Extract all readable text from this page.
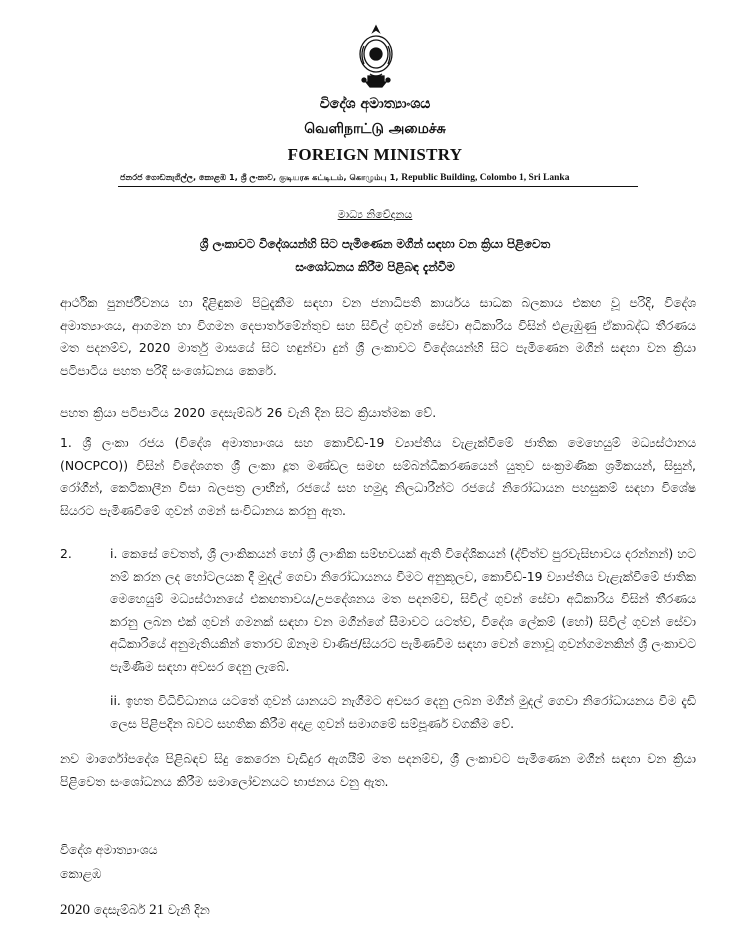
විදේශ අමාත්‍යාංශය
வெளிநாட்டு அமைச்சு
FOREIGN MINISTRY
ජනරජ ගොඩනැගිල්ල, කොළඹ 1, ශ්‍රී ලංකාව, குடியரசு கட்டிடம், கொழும்பு 1, Republic Building, Colombo 1, Sri Lanka
මාධ්‍ය නිවේදනය
ශ්‍රී ලංකාවට විදේශයන්හි සිට පැමිණෙන මගීන් සඳහා වන ක්‍රියා පිළිවෙත
සංශෝධනය කිරීම පිළිබඳ දැන්වීම
ආර්ථික පුනර්ජීවනය හා දිළිඳුකම පිටුදැකීම සඳහා වන ජනාධිපති කාර්යය සාධක බලකාය එකඟ වූ පරිදි, විදේශ අමාත්‍යාංශය, ආගමන හා විගමන දෙපාර්තමේන්තුව සහ සිවිල් ගුවන් සේවා අධිකාරිය විසින් එළැඹුණු ඒකාබද්ධ තීරණය මත පදනම්ව, 2020 මාර්තු මාසයේ සිට හඳුන්වා දුන් ශ්‍රී ලංකාවට විදේශයන්හි සිට පැමිණෙන මගීන් සඳහා වන ක්‍රියා පටිපාටිය පහත පරිදි සංශෝධනය කෙරේ.
පහත ක්‍රියා පටිපාටිය 2020 දෙසැම්බර් 26 වැනි දින සිට ක්‍රියාත්මක වේ.
1. ශ්‍රී ලංකා රජය (විදේශ අමාත්‍යාංශය සහ කොවිඩ්-19 ව්‍යාප්තිය වැළැක්වීමේ ජාතික මෙහෙයුම් මධ්‍යස්ථානය (NOCPCO)) විසින් විදේශගත ශ්‍රී ලංකා දූත මණ්ඩල සමඟ සම්බන්ධීකරණයෙන් යුතුව සංක්‍රමණික ශ්‍රමිකයන්, සිසුන්, රෝගීන්, කෙටිකාලීන වීසා බලපත්‍ර ලාභීන්, රජයේ සහ හමුදා නිලධාරීන්ට රජයේ නිරෝධායන පහසුකම් සඳහා විශේෂ සියරට පැමිණවීමේ ගුවන් ගමන් සංවිධානය කරනු ඇත.
2.	i. කෙසේ වෙතත්, ශ්‍රී ලාංකිකයන් හෝ ශ්‍රී ලාංකික සම්භවයක් ඇති විදේශිකයන් (ද්විත්ව පුරවැසිභාවය දරන්නන්) හට නම් කරන ලද හෝටලයක දී මුදල් ගෙවා නිරෝධායනය වීමට අනුකූලව, කොවිඩ්-19 ව්‍යාප්තිය වැළැක්වීමේ ජාතික මෙහෙයුම් මධ්‍යස්ථානයේ එකඟතාවය/උපදේශනය මත පදනම්ව, සිවිල් ගුවන් සේවා අධිකාරිය විසින් තීරණය කරනු ලබන එක් ගුවන් ගමනක් සඳහා වන මගීන්ගේ සීමාවට යටත්ව, විදේශ ලේකම් (හෝ) සිවිල් ගුවන් සේවා අධිකාරියේ අනුමැතියකින් තොරව ඕනෑම වාණිජ/සියරට පැමිණවීම සඳහා වෙන් නොවූ ගුවන්ගමනකින් ශ්‍රී ලංකාවට පැමිණීම සඳහා අවසර දෙනු ලැබේ.
ii. ඉහත විධිවිධානය යටතේ ගුවන් යානයට නැගීමට අවසර දෙනු ලබන මගීන් මුදල් ගෙවා නිරෝධායනය වීම දැඩි ලෙස පිළිපදින බවට සහතික කිරීම අදාළ ගුවන් සමාගමේ සම්පූර්ණ වගකීම වේ.
නව මාර්ගෝපදේශ පිළිබඳව සිදු කෙරෙන වැඩිදුර ඇගයීම් මත පදනම්ව, ශ්‍රී ලංකාවට පැමිණෙන මගීන් සඳහා වන ක්‍රියා පිළිවෙත සංශෝධනය කිරීම සමාලෝචනයට භාජනය වනු ඇත.
විදේශ අමාත්‍යාංශය
කොළඹ
2020 දෙසැම්බර් 21 වැනි දින
